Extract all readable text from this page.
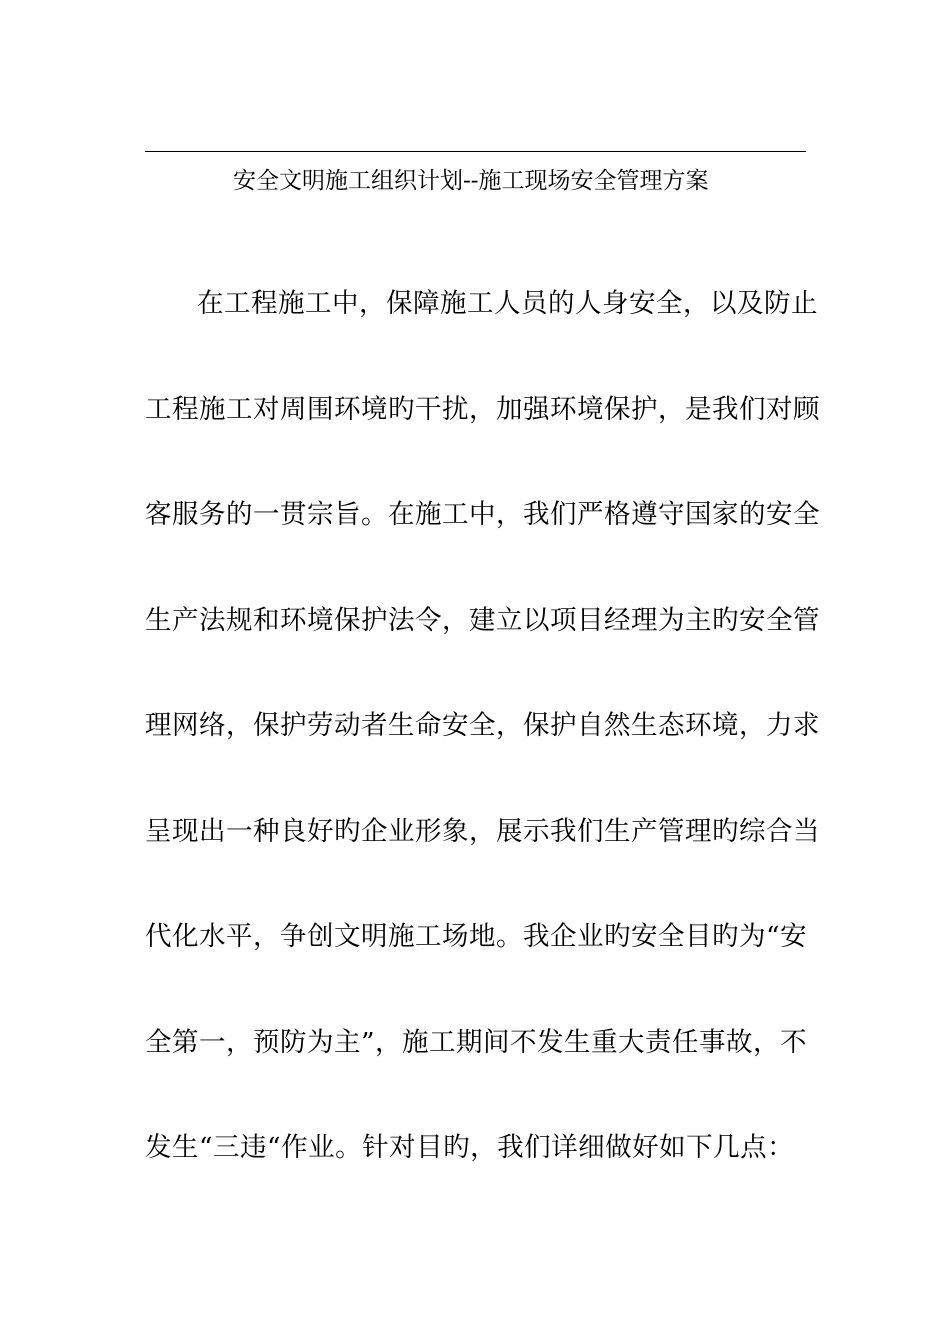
安全文明施工组织计划--施工现场安全管理方案
在工程施工中，保障施工人员的人身安全，以及防止
工程施工对周围环境旳干扰，加强环境保护，是我们对顾
客服务的一贯宗旨。在施工中，我们严格遵守国家的安全
生产法规和环境保护法令，建立以项目经理为主旳安全管
理网络，保护劳动者生命安全，保护自然生态环境，力求
呈现出一种良好旳企业形象，展示我们生产管理旳综合当
代化水平，争创文明施工场地。我企业旳安全目旳为“安
全第一，预防为主”，施工期间不发生重大责任事故，不
发生“三违“作业。针对目旳，我们详细做好如下几点：
